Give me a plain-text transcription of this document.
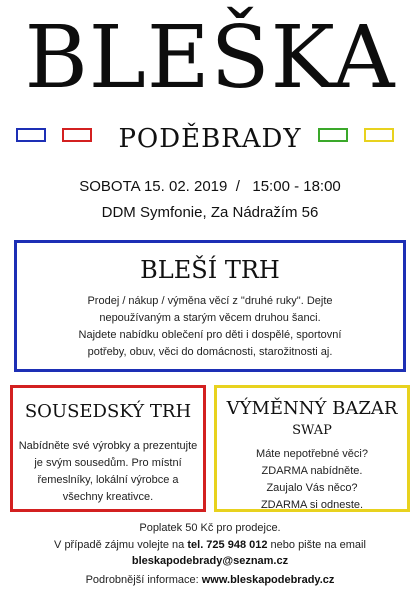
BLEŠKA
PODĚBRADY
SOBOTA 15. 02. 2019  /   15:00 - 18:00
DDM Symfonie, Za Nádražím 56
BLEŠÍ TRH
Prodej / nákup / výměna věcí z "druhé ruky". Dejte
nepoužívaným a starým věcem druhou šanci.
Najdete nabídku oblečení pro děti i dospělé, sportovní
potřeby, obuv, věci do domácnosti, starožitnosti aj.
SOUSEDSKÝ TRH
Nabídněte své výrobky a prezentujte
je svým sousedům. Pro místní
řemeslníky, lokální výrobce a
všechny kreativce.
VÝMĚNNÝ BAZAR
SWAP
Máte nepotřebné věci?
ZDARMA nabídněte.
Zaujalo Vás něco?
ZDARMA si odneste.
Poplatek 50 Kč pro prodejce.
V případě zájmu volejte na tel. 725 948 012 nebo pište na email
bleskapodebrady@seznam.cz
Podrobnější informace: www.bleskapodebrady.cz
